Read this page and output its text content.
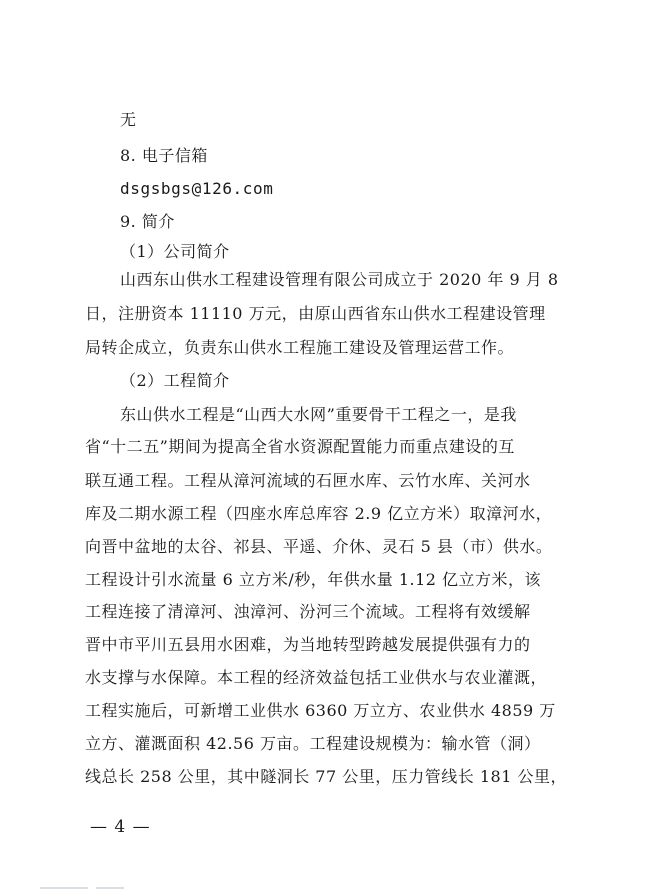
无
8. 电子信箱
dsgsbgs@126.com
9. 简介
（1）公司简介
山西东山供水工程建设管理有限公司成立于 2020 年 9 月 8
日，注册资本 11110 万元，由原山西省东山供水工程建设管理
局转企成立，负责东山供水工程施工建设及管理运营工作。
（2）工程简介
东山供水工程是“山西大水网”重要骨干工程之一，是我
省“十二五”期间为提高全省水资源配置能力而重点建设的互
联互通工程。工程从漳河流域的石匣水库、云竹水库、关河水
库及二期水源工程（四座水库总库容 2.9 亿立方米）取漳河水，
向晋中盆地的太谷、祁县、平遥、介休、灵石 5 县（市）供水。
工程设计引水流量 6 立方米/秒，年供水量 1.12 亿立方米，该
工程连接了清漳河、浊漳河、汾河三个流域。工程将有效缓解
晋中市平川五县用水困难，为当地转型跨越发展提供强有力的
水支撑与水保障。本工程的经济效益包括工业供水与农业灌溉，
工程实施后，可新增工业供水 6360 万立方、农业供水 4859 万
立方、灌溉面积 42.56 万亩。工程建设规模为：输水管（洞）
线总长 258 公里，其中隧洞长 77 公里，压力管线长 181 公里，
— 4 —
